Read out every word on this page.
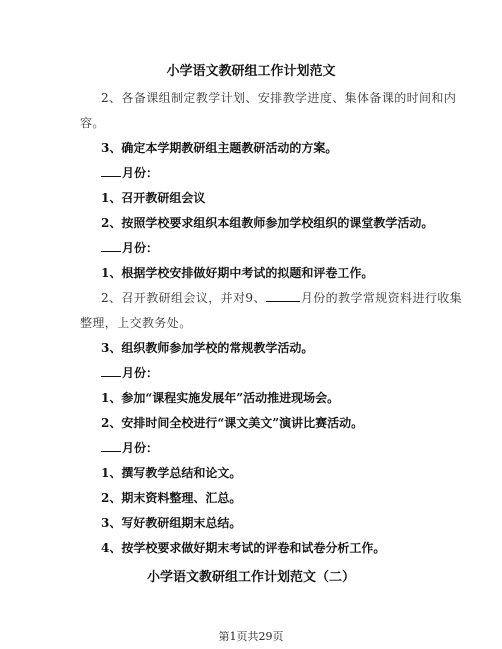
小学语文教研组工作计划范文
2、各备课组制定教学计划、安排教学进度、集体备课的时间和内
容。
3、确定本学期教研组主题教研活动的方案。
月份：
1、召开教研组会议
2、按照学校要求组织本组教师参加学校组织的课堂教学活动。
月份：
1、根据学校安排做好期中考试的拟题和评卷工作。
2、召开教研组会议，并对9、	月份的教学常规资料进行收集
整理，上交教务处。
3、组织教师参加学校的常规教学活动。
月份：
1、参加“课程实施发展年”活动推进现场会。
2、安排时间全校进行“课文美文”演讲比赛活动。
月份：
1、撰写教学总结和论文。
2、期末资料整理、汇总。
3、写好教研组期末总结。
4、按学校要求做好期末考试的评卷和试卷分析工作。
小学语文教研组工作计划范文（二）
第1页共29页
